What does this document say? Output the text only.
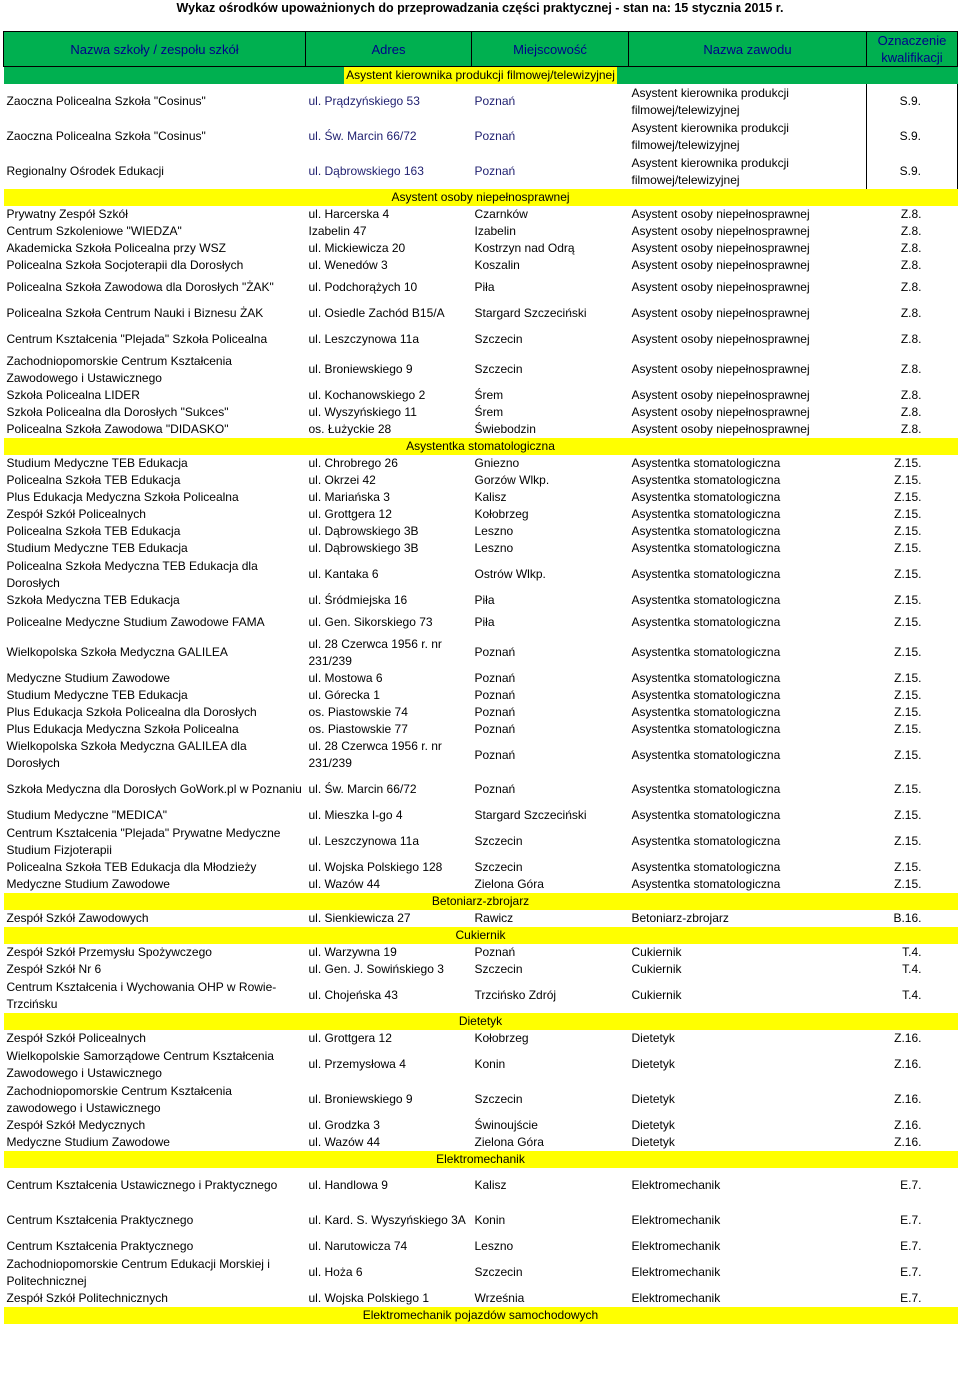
Wykaz ośrodków upoważnionych do przeprowadzania części praktycznej - stan na: 15 stycznia 2015 r.
Nazwa szkoły / zespołu szkół	Adres	Miejscowość	Nazwa zawodu	Oznaczenie kwalifikacji
Asystent kierownika produkcji filmowej/telewizyjnej				
Zaoczna Policealna Szkoła "Cosinus"	ul. Prądzyńskiego 53	Poznań	Asystent kierownika produkcji filmowej/telewizyjnej	S.9.
Zaoczna Policealna Szkoła "Cosinus"	ul. Św. Marcin 66/72	Poznań	Asystent kierownika produkcji filmowej/telewizyjnej	S.9.
Regionalny Ośrodek Edukacji	ul. Dąbrowskiego 163	Poznań	Asystent kierownika produkcji filmowej/telewizyjnej	S.9.
Asystent osoby niepełnosprawnej				
Prywatny Zespół Szkół	ul. Harcerska 4	Czarnków	Asystent osoby niepełnosprawnej	Z.8.
Centrum Szkoleniowe "WIEDZA"	Izabelin 47	Izabelin	Asystent osoby niepełnosprawnej	Z.8.
Akademicka Szkoła Policealna przy WSZ	ul. Mickiewicza 20	Kostrzyn nad Odrą	Asystent osoby niepełnosprawnej	Z.8.
Policealna Szkoła Socjoterapii dla Dorosłych	ul. Wenedów 3	Koszalin	Asystent osoby niepełnosprawnej	Z.8.
Policealna Szkoła Zawodowa dla Dorosłych "ŻAK"	ul. Podchorążych 10	Piła	Asystent osoby niepełnosprawnej	Z.8.
Policealna Szkoła Centrum Nauki i Biznesu ŻAK	ul. Osiedle Zachód B15/A	Stargard Szczeciński	Asystent osoby niepełnosprawnej	Z.8.
Centrum Kształcenia "Plejada" Szkoła Policealna	ul. Leszczynowa 11a	Szczecin	Asystent osoby niepełnosprawnej	Z.8.
Zachodniopomorskie Centrum Kształcenia Zawodowego i Ustawicznego	ul. Broniewskiego 9	Szczecin	Asystent osoby niepełnosprawnej	Z.8.
Szkoła Policealna LIDER	ul. Kochanowskiego 2	Śrem	Asystent osoby niepełnosprawnej	Z.8.
Szkoła Policealna dla Dorosłych "Sukces"	ul. Wyszyńskiego 11	Śrem	Asystent osoby niepełnosprawnej	Z.8.
Policealna Szkoła Zawodowa "DIDASKO"	os. Łużyckie 28	Świebodzin	Asystent osoby niepełnosprawnej	Z.8.
Asystentka stomatologiczna				
Studium Medyczne TEB Edukacja	ul. Chrobrego 26	Gniezno	Asystentka stomatologiczna	Z.15.
Policealna Szkoła TEB Edukacja	ul. Okrzei 42	Gorzów Wlkp.	Asystentka stomatologiczna	Z.15.
Plus Edukacja Medyczna Szkoła Policealna	ul. Mariańska 3	Kalisz	Asystentka stomatologiczna	Z.15.
Zespół Szkół Policealnych	ul. Grottgera 12	Kołobrzeg	Asystentka stomatologiczna	Z.15.
Policealna Szkoła TEB Edukacja	ul. Dąbrowskiego 3B	Leszno	Asystentka stomatologiczna	Z.15.
Studium Medyczne TEB Edukacja	ul. Dąbrowskiego 3B	Leszno	Asystentka stomatologiczna	Z.15.
Policealna Szkoła Medyczna TEB Edukacja dla Dorosłych	ul. Kantaka 6	Ostrów Wlkp.	Asystentka stomatologiczna	Z.15.
Szkoła Medyczna TEB Edukacja	ul. Śródmiejska 16	Piła	Asystentka stomatologiczna	Z.15.
Policealne Medyczne Studium Zawodowe FAMA	ul. Gen. Sikorskiego 73	Piła	Asystentka stomatologiczna	Z.15.
Wielkopolska Szkoła Medyczna GALILEA	ul. 28 Czerwca 1956 r. nr 231/239	Poznań	Asystentka stomatologiczna	Z.15.
Medyczne Studium Zawodowe	ul. Mostowa 6	Poznań	Asystentka stomatologiczna	Z.15.
Studium Medyczne TEB Edukacja	ul. Górecka 1	Poznań	Asystentka stomatologiczna	Z.15.
Plus Edukacja Szkoła Policealna dla Dorosłych	os. Piastowskie 74	Poznań	Asystentka stomatologiczna	Z.15.
Plus Edukacja Medyczna Szkoła Policealna	os. Piastowskie 77	Poznań	Asystentka stomatologiczna	Z.15.
Wielkopolska Szkoła Medyczna GALILEA dla Dorosłych	ul. 28 Czerwca 1956 r. nr 231/239	Poznań	Asystentka stomatologiczna	Z.15.
Szkoła Medyczna dla Dorosłych GoWork.pl w Poznaniu	ul. Św. Marcin 66/72	Poznań	Asystentka stomatologiczna	Z.15.
Studium Medyczne "MEDICA"	ul. Mieszka I-go 4	Stargard Szczeciński	Asystentka stomatologiczna	Z.15.
Centrum Kształcenia "Plejada" Prywatne Medyczne Studium Fizjoterapii	ul. Leszczynowa 11a	Szczecin	Asystentka stomatologiczna	Z.15.
Policealna Szkoła TEB Edukacja dla Młodzieży	ul. Wojska Polskiego 128	Szczecin	Asystentka stomatologiczna	Z.15.
Medyczne Studium Zawodowe	ul. Wazów 44	Zielona Góra	Asystentka stomatologiczna	Z.15.
Betoniarz-zbrojarz				
Zespół Szkół Zawodowych	ul. Sienkiewicza 27	Rawicz	Betoniarz-zbrojarz	B.16.
Cukiernik				
Zespół Szkół Przemysłu Spożywczego	ul. Warzywna 19	Poznań	Cukiernik	T.4.
Zespół Szkół Nr 6	ul. Gen. J. Sowińskiego 3	Szczecin	Cukiernik	T.4.
Centrum Kształcenia i Wychowania OHP w Rowie-Trzcińsku	ul. Chojeńska 43	Trzcińsko Zdrój	Cukiernik	T.4.
Dietetyk				
Zespół Szkół Policealnych	ul. Grottgera 12	Kołobrzeg	Dietetyk	Z.16.
Wielkopolskie Samorządowe Centrum Kształcenia Zawodowego i Ustawicznego	ul. Przemysłowa 4	Konin	Dietetyk	Z.16.
Zachodniopomorskie Centrum Kształcenia zawodowego i Ustawicznego	ul. Broniewskiego 9	Szczecin	Dietetyk	Z.16.
Zespół Szkół Medycznych	ul. Grodzka 3	Świnoujście	Dietetyk	Z.16.
Medyczne Studium Zawodowe	ul. Wazów 44	Zielona Góra	Dietetyk	Z.16.
Elektromechanik				
Centrum Kształcenia Ustawicznego i Praktycznego	ul. Handlowa 9	Kalisz	Elektromechanik	E.7.
Centrum Kształcenia Praktycznego	ul. Kard. S. Wyszyńskiego 3A	Konin	Elektromechanik	E.7.
Centrum Kształcenia Praktycznego	ul. Narutowicza 74	Leszno	Elektromechanik	E.7.
Zachodniopomorskie Centrum Edukacji Morskiej i Politechnicznej	ul. Hoża 6	Szczecin	Elektromechanik	E.7.
Zespół Szkół Politechnicznych	ul. Wojska Polskiego 1	Września	Elektromechanik	E.7.
Elektromechanik pojazdów samochodowych				
